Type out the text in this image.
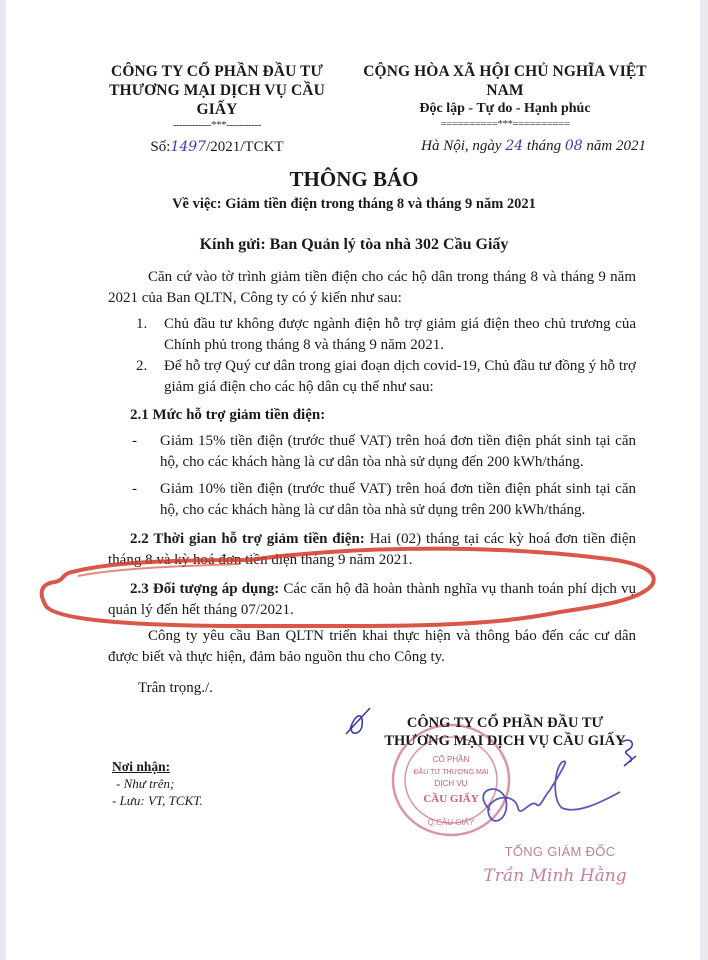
CÔNG TY CỔ PHẦN ĐẦU TƯ
THƯƠNG MẠI DỊCH VỤ CẦU GIẤY
------------***-----------
Số:1497/2021/TCKT
CỘNG HÒA XÃ HỘI CHỦ NGHĨA VIỆT NAM
Độc lập - Tự do - Hạnh phúc
==========***==========
Hà Nội, ngày 24 tháng 08 năm 2021
THÔNG BÁO
Về việc: Giảm tiền điện trong tháng 8 và tháng 9 năm 2021
Kính gửi: Ban Quản lý tòa nhà 302 Cầu Giấy
Căn cứ vào tờ trình giảm tiền điện cho các hộ dân trong tháng 8 và tháng 9 năm 2021 của Ban QLTN, Công ty có ý kiến như sau:
1.	Chủ đầu tư không được ngành điện hỗ trợ giảm giá điện theo chủ trương của Chính phủ trong tháng 8 và tháng 9 năm 2021.
2.	Để hỗ trợ Quý cư dân trong giai đoạn dịch covid-19, Chủ đầu tư đồng ý hỗ trợ giảm giá điện cho các hộ dân cụ thể như sau:
2.1 Mức hỗ trợ giảm tiền điện:
-	Giảm 15% tiền điện (trước thuế VAT) trên hoá đơn tiền điện phát sinh tại căn hộ, cho các khách hàng là cư dân tòa nhà sử dụng đến 200 kWh/tháng.
-	Giảm 10% tiền điện (trước thuế VAT) trên hoá đơn tiền điện phát sinh tại căn hộ, cho các khách hàng là cư dân tòa nhà sử dụng trên 200 kWh/tháng.
2.2 Thời gian hỗ trợ giảm tiền điện: Hai (02) tháng tại các kỳ hoá đơn tiền điện tháng 8 và kỳ hoá đơn tiền điện tháng 9 năm 2021.
2.3 Đối tượng áp dụng: Các căn hộ đã hoàn thành nghĩa vụ thanh toán phí dịch vụ quản lý đến hết tháng 07/2021.
Công ty yêu cầu Ban QLTN triển khai thực hiện và thông báo đến các cư dân được biết và thực hiện, đảm bảo nguồn thu cho Công ty.
Trân trọng./.
Nơi nhận:
- Như trên;
- Lưu: VT, TCKT.
CỔ PHẦN
ĐẦU TƯ THƯƠNG MẠI
DỊCH VỤ
CẦU GIẤY
Q.CẦU GIẤY
CÔNG TY CỔ PHẦN ĐẦU TƯ
THƯƠNG MẠI DỊCH VỤ CẦU GIẤY
TỔNG GIÁM ĐỐC
Trần Minh Hằng
